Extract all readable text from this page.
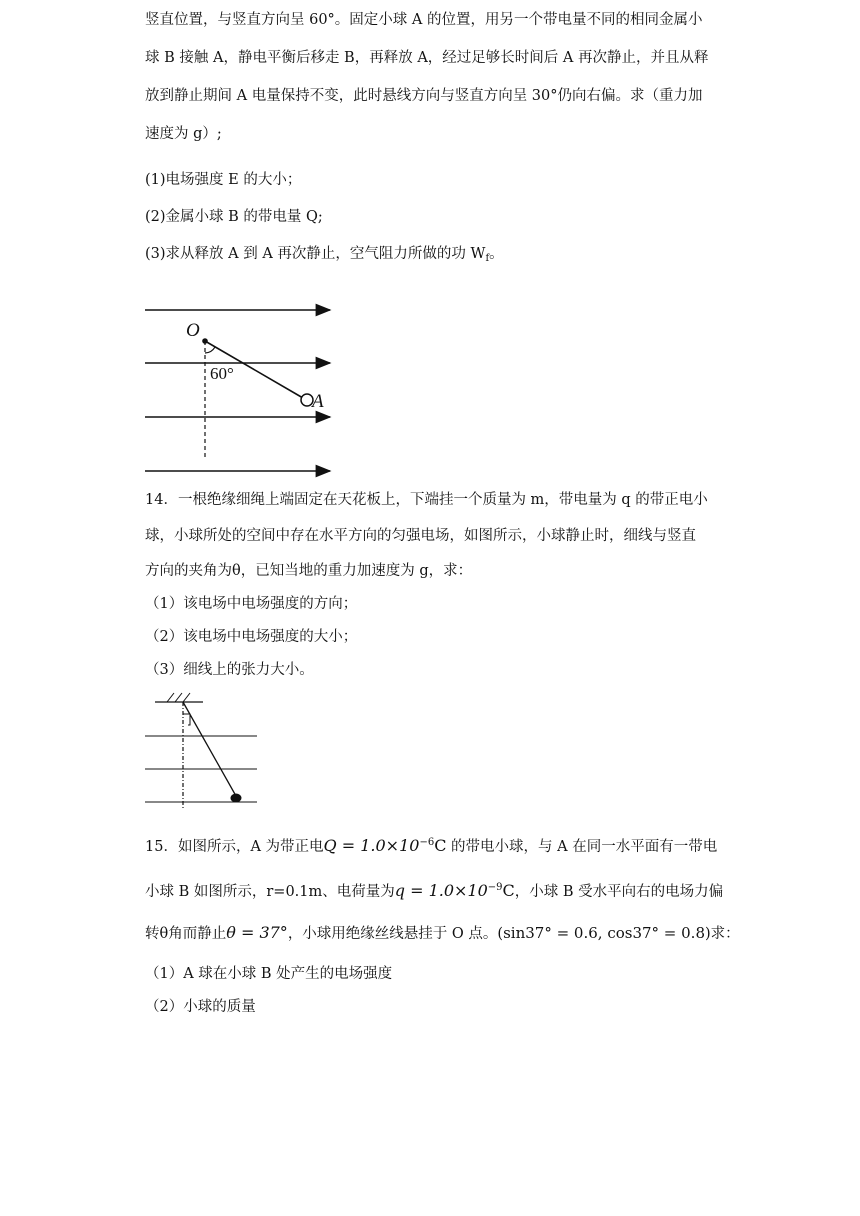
竖直位置，与竖直方向呈 60°。固定小球 A 的位置，用另一个带电量不同的相同金属小
球 B 接触 A，静电平衡后移走 B，再释放 A，经过足够长时间后 A 再次静止，并且从释
放到静止期间 A 电量保持不变，此时悬线方向与竖直方向呈 30°仍向右偏。求（重力加
速度为 g）;
(1)电场强度 E 的大小；
(2)金属小球 B 的带电量 Q;
(3)求从释放 A 到 A 再次静止，空气阻力所做的功 $W_f$。
O
A
60°
14．一根绝缘细绳上端固定在天花板上，下端挂一个质量为 m，带电量为 q 的带正电小
球，小球所处的空间中存在水平方向的匀强电场，如图所示，小球静止时，细线与竖直
方向的夹角为θ，已知当地的重力加速度为 g，求：
（1）该电场中电场强度的方向；
（2）该电场中电场强度的大小；
（3）细线上的张力大小。
15．如图所示，A 为带正电$Q = 1.0\times 10^{-6}C$ 的带电小球，与 A 在同一水平面有一带电
小球 B 如图所示，r=0.1m、电荷量为$q = 1.0\times 10^{-9}C$，小球 B 受水平向右的电场力偏
转θ角而静止θ = 37°，小球用绝缘丝线悬挂于 O 点。(sin37° = 0.6, cos37° = 0.8)求：
（1）A 球在小球 B 处产生的电场强度
（2）小球的质量
